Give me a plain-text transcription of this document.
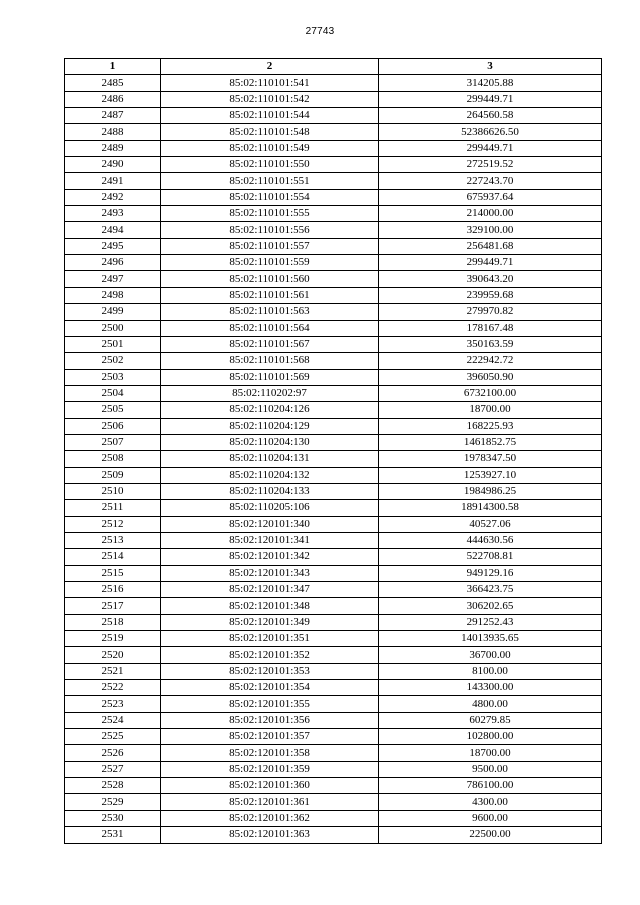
27743
1	2	3
2485	85:02:110101:541	314205.88
2486	85:02:110101:542	299449.71
2487	85:02:110101:544	264560.58
2488	85:02:110101:548	52386626.50
2489	85:02:110101:549	299449.71
2490	85:02:110101:550	272519.52
2491	85:02:110101:551	227243.70
2492	85:02:110101:554	675937.64
2493	85:02:110101:555	214000.00
2494	85:02:110101:556	329100.00
2495	85:02:110101:557	256481.68
2496	85:02:110101:559	299449.71
2497	85:02:110101:560	390643.20
2498	85:02:110101:561	239959.68
2499	85:02:110101:563	279970.82
2500	85:02:110101:564	178167.48
2501	85:02:110101:567	350163.59
2502	85:02:110101:568	222942.72
2503	85:02:110101:569	396050.90
2504	85:02:110202:97	6732100.00
2505	85:02:110204:126	18700.00
2506	85:02:110204:129	168225.93
2507	85:02:110204:130	1461852.75
2508	85:02:110204:131	1978347.50
2509	85:02:110204:132	1253927.10
2510	85:02:110204:133	1984986.25
2511	85:02:110205:106	18914300.58
2512	85:02:120101:340	40527.06
2513	85:02:120101:341	444630.56
2514	85:02:120101:342	522708.81
2515	85:02:120101:343	949129.16
2516	85:02:120101:347	366423.75
2517	85:02:120101:348	306202.65
2518	85:02:120101:349	291252.43
2519	85:02:120101:351	14013935.65
2520	85:02:120101:352	36700.00
2521	85:02:120101:353	8100.00
2522	85:02:120101:354	143300.00
2523	85:02:120101:355	4800.00
2524	85:02:120101:356	60279.85
2525	85:02:120101:357	102800.00
2526	85:02:120101:358	18700.00
2527	85:02:120101:359	9500.00
2528	85:02:120101:360	786100.00
2529	85:02:120101:361	4300.00
2530	85:02:120101:362	9600.00
2531	85:02:120101:363	22500.00
